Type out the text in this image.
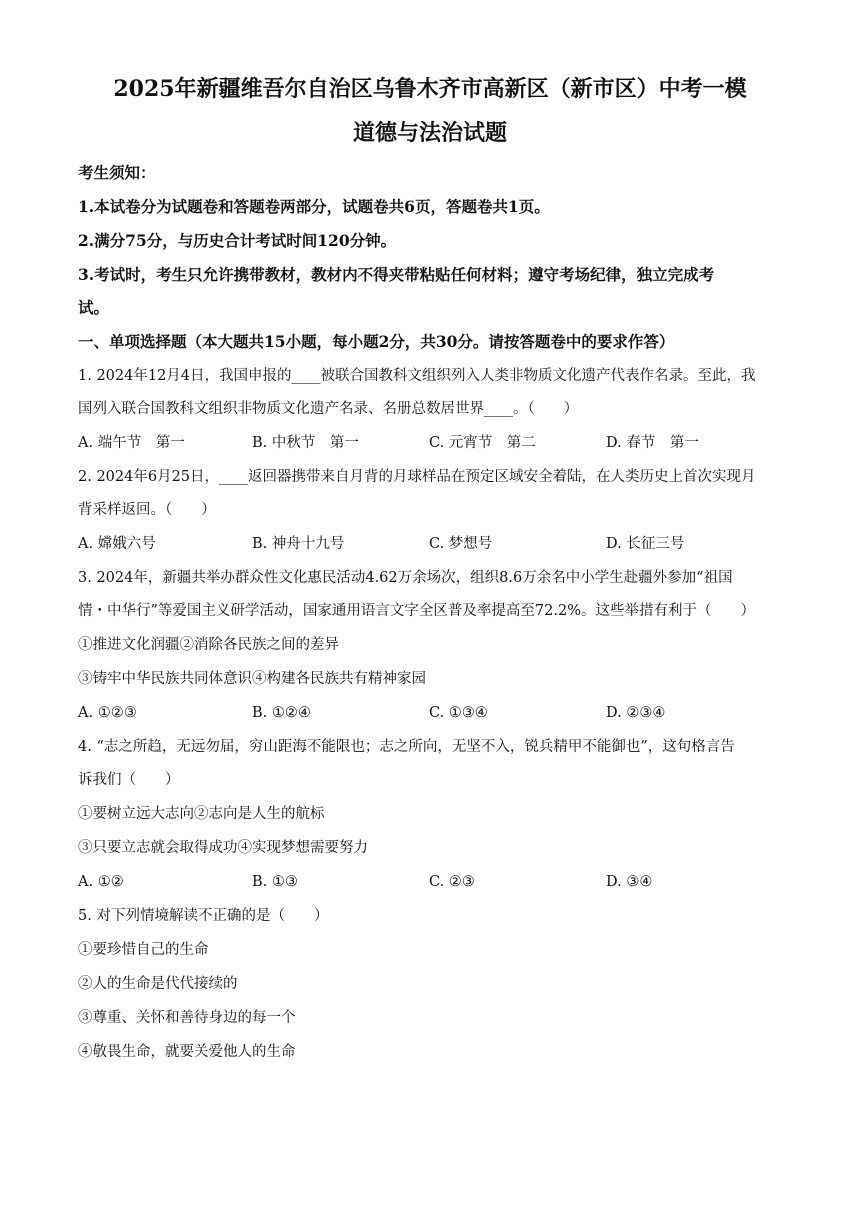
2025年新疆维吾尔自治区乌鲁木齐市高新区（新市区）中考一模
道德与法治试题
考生须知：
1.本试卷分为试题卷和答题卷两部分，试题卷共6页，答题卷共1页。
2.满分75分，与历史合计考试时间120分钟。
3.考试时，考生只允许携带教材，教材内不得夹带粘贴任何材料；遵守考场纪律，独立完成考
试。
一、单项选择题（本大题共15小题，每小题2分，共30分。请按答题卷中的要求作答）
1. 2024年12月4日，我国申报的____被联合国教科文组织列入人类非物质文化遗产代表作名录。至此，我
国列入联合国教科文组织非物质文化遗产名录、名册总数居世界____。（　　）
A. 端午节　第一	B. 中秋节　第一	C. 元宵节　第二	D. 春节　第一
2. 2024年6月25日，____返回器携带来自月背的月球样品在预定区域安全着陆，在人类历史上首次实现月
背采样返回。（　　）
A. 嫦娥六号	B. 神舟十九号	C. 梦想号	D. 长征三号
3. 2024年，新疆共举办群众性文化惠民活动4.62万余场次，组织8.6万余名中小学生赴疆外参加“祖国
情・中华行”等爱国主义研学活动，国家通用语言文字全区普及率提高至72.2%。这些举措有利于（　　）
①推进文化润疆②消除各民族之间的差异
③铸牢中华民族共同体意识④构建各民族共有精神家园
A. ①②③	B. ①②④	C. ①③④	D. ②③④
4. “志之所趋，无远勿届，穷山距海不能限也；志之所向，无坚不入，锐兵精甲不能御也”，这句格言告
诉我们（　　）
①要树立远大志向②志向是人生的航标
③只要立志就会取得成功④实现梦想需要努力
A. ①②	B. ①③	C. ②③	D. ③④
5. 对下列情境解读不正确的是（　　）
①要珍惜自己的生命
②人的生命是代代接续的
③尊重、关怀和善待身边的每一个
④敬畏生命，就要关爱他人的生命
